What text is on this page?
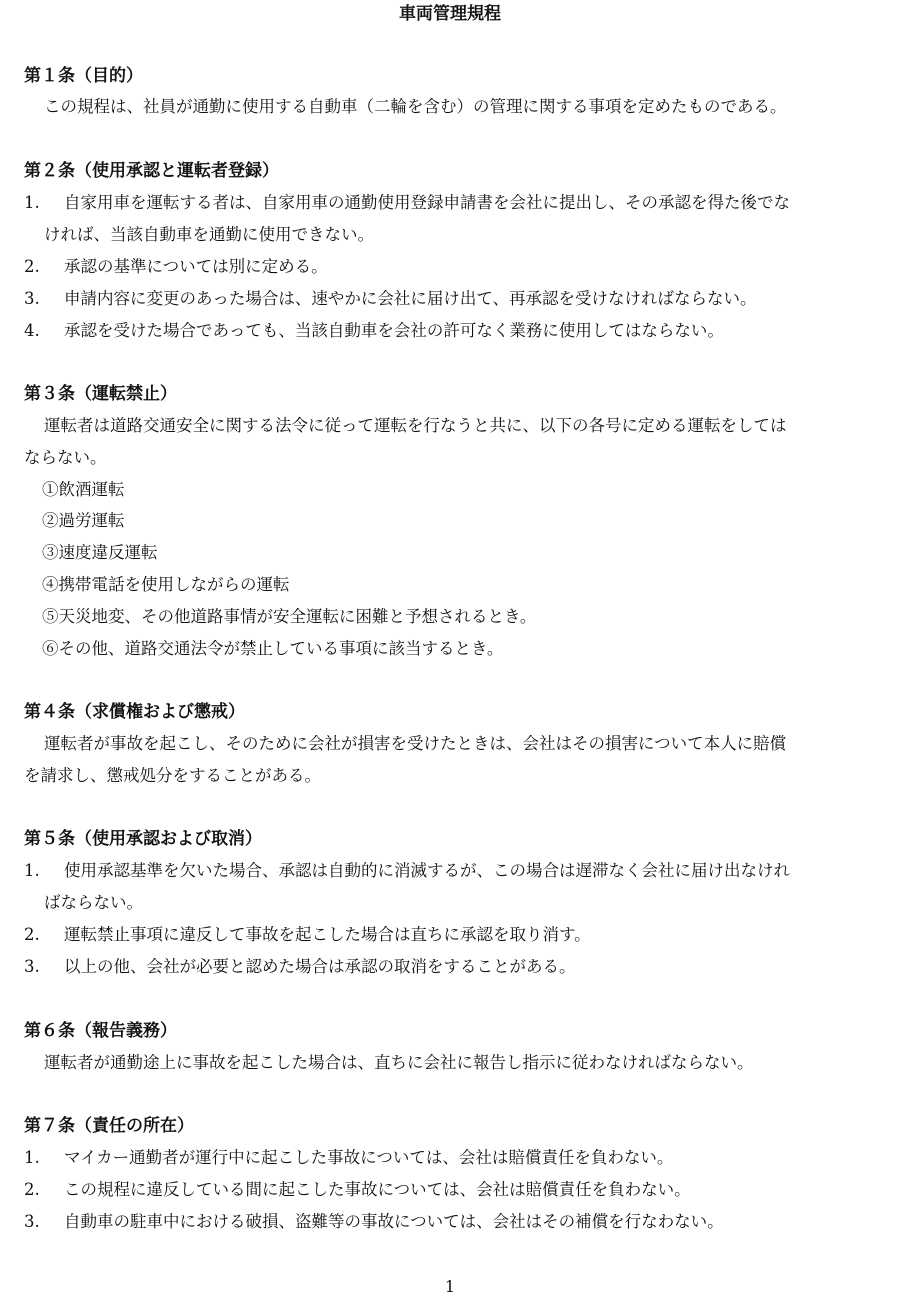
車両管理規程
第１条（目的）
この規程は、社員が通勤に使用する自動車（二輪を含む）の管理に関する事項を定めたものである。
第２条（使用承認と運転者登録）
1. 自家用車を運転する者は、自家用車の通勤使用登録申請書を会社に提出し、その承認を得た後でな
ければ、当該自動車を通勤に使用できない。
2. 承認の基準については別に定める。
3. 申請内容に変更のあった場合は、速やかに会社に届け出て、再承認を受けなければならない。
4. 承認を受けた場合であっても、当該自動車を会社の許可なく業務に使用してはならない。
第３条（運転禁止）
運転者は道路交通安全に関する法令に従って運転を行なうと共に、以下の各号に定める運転をしては
ならない。
①飲酒運転
②過労運転
③速度違反運転
④携帯電話を使用しながらの運転
⑤天災地変、その他道路事情が安全運転に困難と予想されるとき。
⑥その他、道路交通法令が禁止している事項に該当するとき。
第４条（求償権および懲戒）
運転者が事故を起こし、そのために会社が損害を受けたときは、会社はその損害について本人に賠償
を請求し、懲戒処分をすることがある。
第５条（使用承認および取消）
1. 使用承認基準を欠いた場合、承認は自動的に消滅するが、この場合は遅滞なく会社に届け出なけれ
ばならない。
2. 運転禁止事項に違反して事故を起こした場合は直ちに承認を取り消す。
3. 以上の他、会社が必要と認めた場合は承認の取消をすることがある。
第６条（報告義務）
運転者が通勤途上に事故を起こした場合は、直ちに会社に報告し指示に従わなければならない。
第７条（責任の所在）
1. マイカー通勤者が運行中に起こした事故については、会社は賠償責任を負わない。
2. この規程に違反している間に起こした事故については、会社は賠償責任を負わない。
3. 自動車の駐車中における破損、盗難等の事故については、会社はその補償を行なわない。
1
